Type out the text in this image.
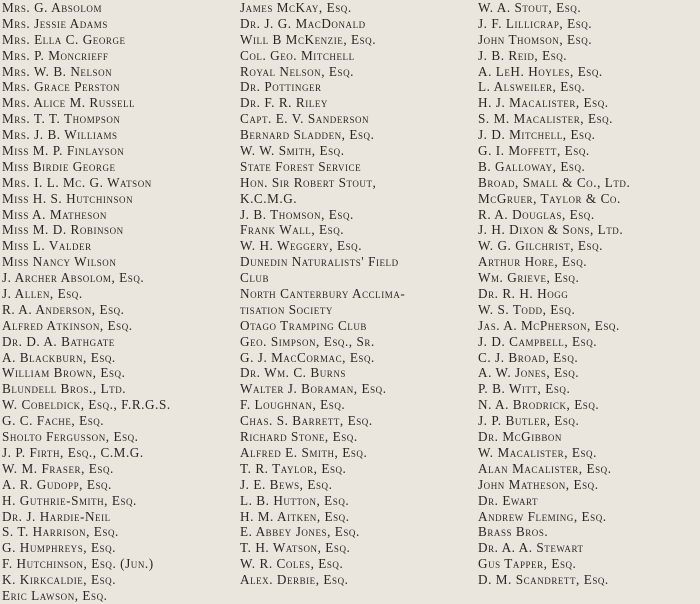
Mrs. G. Absolom
Mrs. Jessie Adams
Mrs. Ella C. George
Mrs. P. Moncrieff
Mrs. W. B. Nelson
Mrs. Grace Perston
Mrs. Alice M. Russell
Mrs. T. T. Thompson
Mrs. J. B. Williams
Miss M. P. Finlayson
Miss Birdie George
Mrs. I. L. Mc. G. Watson
Miss H. S. Hutchinson
Miss A. Matheson
Miss M. D. Robinson
Miss L. Valder
Miss Nancy Wilson
J. Archer Absolom, Esq.
J. Allen, Esq.
R. A. Anderson, Esq.
Alfred Atkinson, Esq.
Dr. D. A. Bathgate
A. Blackburn, Esq.
William Brown, Esq.
Blundell Bros., Ltd.
W. Cobeldick, Esq., F.R.G.S.
G. C. Fache, Esq.
Sholto Fergusson, Esq.
J. P. Firth, Esq., C.M.G.
W. M. Fraser, Esq.
A. R. Gudopp, Esq.
H. Guthrie-Smith, Esq.
Dr. J. Hardie-Neil
S. T. Harrison, Esq.
G. Humphreys, Esq.
F. Hutchinson, Esq. (Jun.)
K. Kirkcaldie, Esq.
Eric Lawson, Esq.
James McKay, Esq.
Dr. J. G. MacDonald
Will B McKenzie, Esq.
Col. Geo. Mitchell
Royal Nelson, Esq.
Dr. Pottinger
Dr. F. R. Riley
Capt. E. V. Sanderson
Bernard Sladden, Esq.
W. W. Smith, Esq.
State Forest Service
Hon. Sir Robert Stout,
K.C.M.G.
J. B. Thomson, Esq.
Frank Wall, Esq.
W. H. Weggery, Esq.
Dunedin Naturalists' Field
Club
North Canterbury Acclima-
tisation Society
Otago Tramping Club
Geo. Simpson, Esq., Sr.
G. J. MacCormac, Esq.
Dr. Wm. C. Burns
Walter J. Boraman, Esq.
F. Loughnan, Esq.
Chas. S. Barrett, Esq.
Richard Stone, Esq.
Alfred E. Smith, Esq.
T. R. Taylor, Esq.
J. E. Bews, Esq.
L. B. Hutton, Esq.
H. M. Aitken, Esq.
E. Abbey Jones, Esq.
T. H. Watson, Esq.
W. R. Coles, Esq.
Alex. Derbie, Esq.
W. A. Stout, Esq.
J. F. Lillicrap, Esq.
John Thomson, Esq.
J. B. Reid, Esq.
A. LeH. Hoyles, Esq.
L. Alsweiler, Esq.
H. J. Macalister, Esq.
S. M. Macalister, Esq.
J. D. Mitchell, Esq.
G. I. Moffett, Esq.
B. Galloway, Esq.
Broad, Small & Co., Ltd.
McGruer, Taylor & Co.
R. A. Douglas, Esq.
J. H. Dixon & Sons, Ltd.
W. G. Gilchrist, Esq.
Arthur Hore, Esq.
Wm. Grieve, Esq.
Dr. R. H. Hogg
W. S. Todd, Esq.
Jas. A. McPherson, Esq.
J. D. Campbell, Esq.
C. J. Broad, Esq.
A. W. Jones, Esq.
P. B. Witt, Esq.
N. A. Brodrick, Esq.
J. P. Butler, Esq.
Dr. McGibbon
W. Macalister, Esq.
Alan Macalister, Esq.
John Matheson, Esq.
Dr. Ewart
Andrew Fleming, Esq.
Brass Bros.
Dr. A. A. Stewart
Gus Tapper, Esq.
D. M. Scandrett, Esq.
